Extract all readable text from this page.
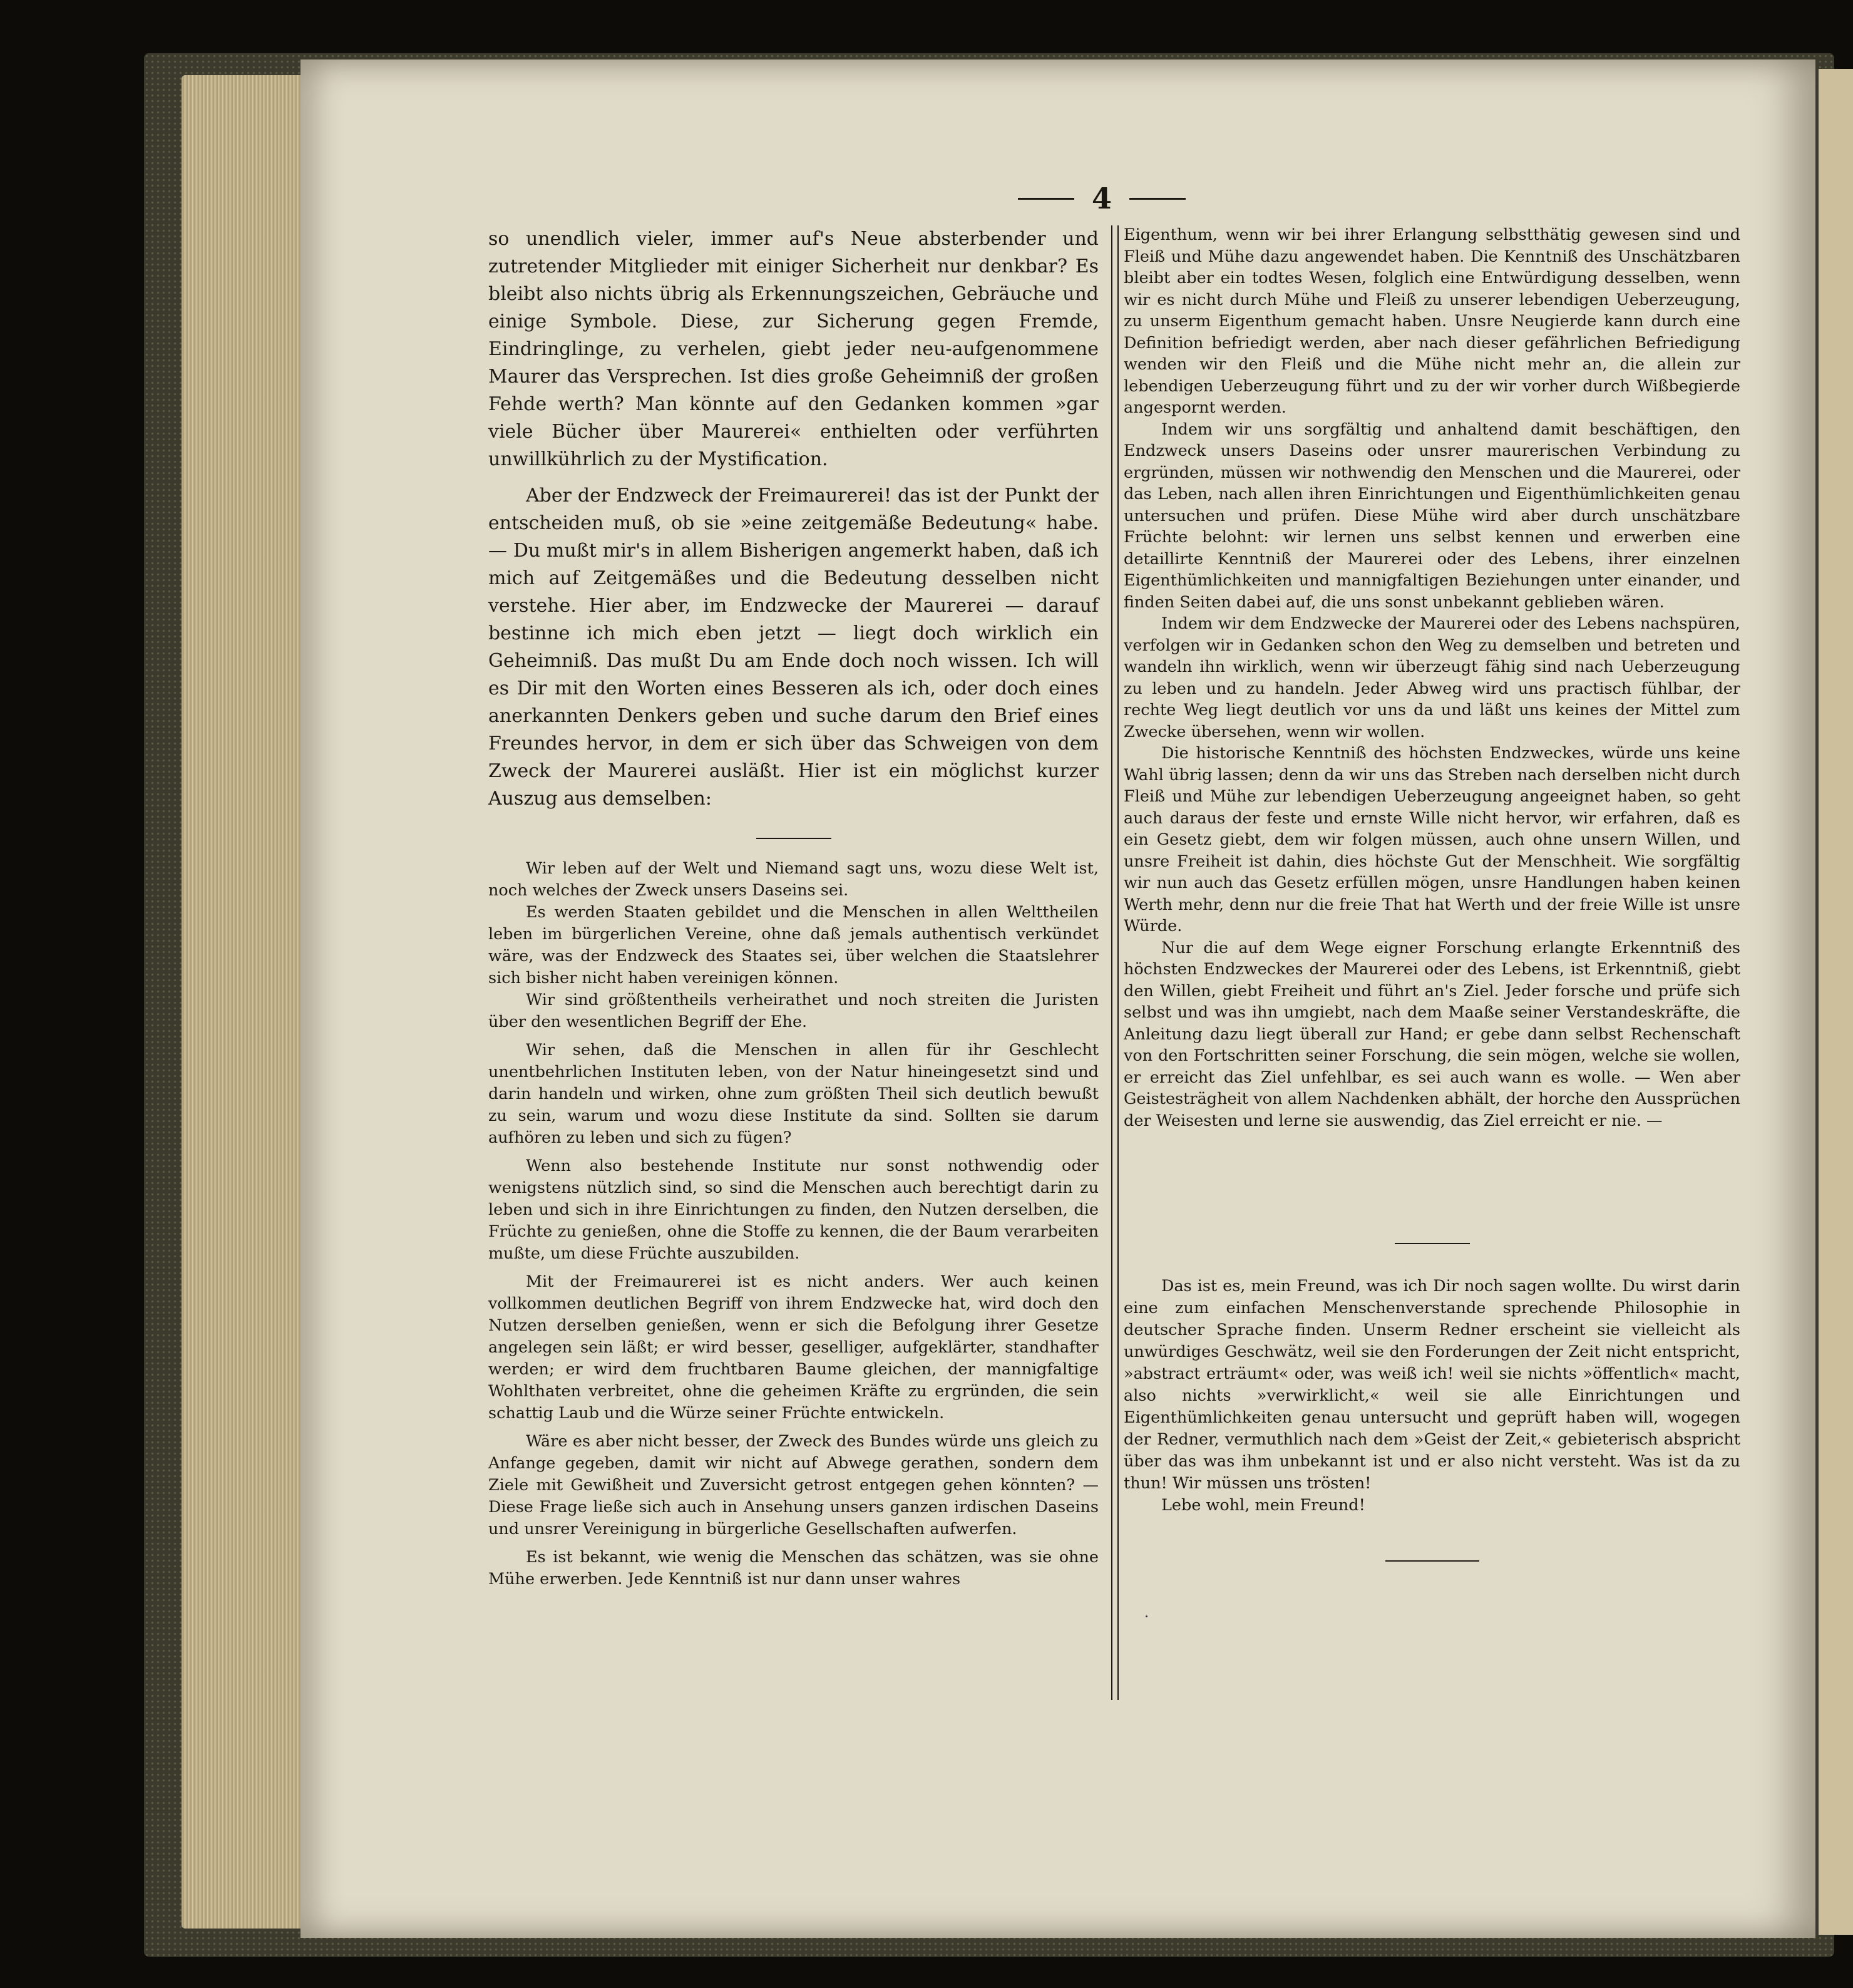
4

so unendlich vieler, immer auf's Neue absterbender und zutretender Mitglieder mit einiger Sicherheit nur denkbar? Es bleibt also nichts übrig als Erkennungszeichen, Gebräuche und einige Symbole. Diese, zur Sicherung gegen Fremde, Eindringlinge, zu verhelen, giebt jeder neu-aufgenommene Maurer das Versprechen. Ist dies große Geheimniß der großen Fehde werth? Man könnte auf den Gedanken kommen »gar viele Bücher über Maurerei« enthielten oder verführten unwillkührlich zu der Mystification.

Aber der Endzweck der Freimaurerei! das ist der Punkt der entscheiden muß, ob sie »eine zeitgemäße Bedeutung« habe. — Du mußt mir's in allem Bisherigen angemerkt haben, daß ich mich auf Zeitgemäßes und die Bedeutung desselben nicht verstehe. Hier aber, im Endzwecke der Maurerei — darauf bestinne ich mich eben jetzt — liegt doch wirklich ein Geheimniß. Das mußt Du am Ende doch noch wissen. Ich will es Dir mit den Worten eines Besseren als ich, oder doch eines anerkannten Denkers geben und suche darum den Brief eines Freundes hervor, in dem er sich über das Schweigen von dem Zweck der Maurerei ausläßt. Hier ist ein möglichst kurzer Auszug aus demselben:

Wir leben auf der Welt und Niemand sagt uns, wozu diese Welt ist, noch welches der Zweck unsers Daseins sei.

Es werden Staaten gebildet und die Menschen in allen Welttheilen leben im bürgerlichen Vereine, ohne daß jemals authentisch verkündet wäre, was der Endzweck des Staates sei, über welchen die Staatslehrer sich bisher nicht haben vereinigen können.

Wir sind größtentheils verheirathet und noch streiten die Juristen über den wesentlichen Begriff der Ehe.

Wir sehen, daß die Menschen in allen für ihr Geschlecht unentbehrlichen Instituten leben, von der Natur hineingesetzt sind und darin handeln und wirken, ohne zum größten Theil sich deutlich bewußt zu sein, warum und wozu diese Institute da sind. Sollten sie darum aufhören zu leben und sich zu fügen?

Wenn also bestehende Institute nur sonst nothwendig oder wenigstens nützlich sind, so sind die Menschen auch berechtigt darin zu leben und sich in ihre Einrichtungen zu finden, den Nutzen derselben, die Früchte zu genießen, ohne die Stoffe zu kennen, die der Baum verarbeiten mußte, um diese Früchte auszubilden.

Mit der Freimaurerei ist es nicht anders. Wer auch keinen vollkommen deutlichen Begriff von ihrem Endzwecke hat, wird doch den Nutzen derselben genießen, wenn er sich die Befolgung ihrer Gesetze angelegen sein läßt; er wird besser, geselliger, aufgeklärter, standhafter werden; er wird dem fruchtbaren Baume gleichen, der mannigfaltige Wohlthaten verbreitet, ohne die geheimen Kräfte zu ergründen, die sein schattig Laub und die Würze seiner Früchte entwickeln.

Wäre es aber nicht besser, der Zweck des Bundes würde uns gleich zu Anfange gegeben, damit wir nicht auf Abwege gerathen, sondern dem Ziele mit Gewißheit und Zuversicht getrost entgegen gehen könnten? — Diese Frage ließe sich auch in Ansehung unsers ganzen irdischen Daseins und unsrer Vereinigung in bürgerliche Gesellschaften aufwerfen.

Es ist bekannt, wie wenig die Menschen das schätzen, was sie ohne Mühe erwerben. Jede Kenntniß ist nur dann unser wahres

Eigenthum, wenn wir bei ihrer Erlangung selbstthätig gewesen sind und Fleiß und Mühe dazu angewendet haben. Die Kenntniß des Unschätzbaren bleibt aber ein todtes Wesen, folglich eine Entwürdigung desselben, wenn wir es nicht durch Mühe und Fleiß zu unserer lebendigen Ueberzeugung, zu unserm Eigenthum gemacht haben. Unsre Neugierde kann durch eine Definition befriedigt werden, aber nach dieser gefährlichen Befriedigung wenden wir den Fleiß und die Mühe nicht mehr an, die allein zur lebendigen Ueberzeugung führt und zu der wir vorher durch Wißbegierde angespornt werden.

Indem wir uns sorgfältig und anhaltend damit beschäftigen, den Endzweck unsers Daseins oder unsrer maurerischen Verbindung zu ergründen, müssen wir nothwendig den Menschen und die Maurerei, oder das Leben, nach allen ihren Einrichtungen und Eigenthümlichkeiten genau untersuchen und prüfen. Diese Mühe wird aber durch unschätzbare Früchte belohnt: wir lernen uns selbst kennen und erwerben eine detaillirte Kenntniß der Maurerei oder des Lebens, ihrer einzelnen Eigenthümlichkeiten und mannigfaltigen Beziehungen unter einander, und finden Seiten dabei auf, die uns sonst unbekannt geblieben wären.

Indem wir dem Endzwecke der Maurerei oder des Lebens nachspüren, verfolgen wir in Gedanken schon den Weg zu demselben und betreten und wandeln ihn wirklich, wenn wir überzeugt fähig sind nach Ueberzeugung zu leben und zu handeln. Jeder Abweg wird uns practisch fühlbar, der rechte Weg liegt deutlich vor uns da und läßt uns keines der Mittel zum Zwecke übersehen, wenn wir wollen.

Die historische Kenntniß des höchsten Endzweckes, würde uns keine Wahl übrig lassen; denn da wir uns das Streben nach derselben nicht durch Fleiß und Mühe zur lebendigen Ueberzeugung angeeignet haben, so geht auch daraus der feste und ernste Wille nicht hervor, wir erfahren, daß es ein Gesetz giebt, dem wir folgen müssen, auch ohne unsern Willen, und unsre Freiheit ist dahin, dies höchste Gut der Menschheit. Wie sorgfältig wir nun auch das Gesetz erfüllen mögen, unsre Handlungen haben keinen Werth mehr, denn nur die freie That hat Werth und der freie Wille ist unsre Würde.

Nur die auf dem Wege eigner Forschung erlangte Erkenntniß des höchsten Endzweckes der Maurerei oder des Lebens, ist Erkenntniß, giebt den Willen, giebt Freiheit und führt an's Ziel. Jeder forsche und prüfe sich selbst und was ihn umgiebt, nach dem Maaße seiner Verstandeskräfte, die Anleitung dazu liegt überall zur Hand; er gebe dann selbst Rechenschaft von den Fortschritten seiner Forschung, die sein mögen, welche sie wollen, er erreicht das Ziel unfehlbar, es sei auch wann es wolle. — Wen aber Geistesträgheit von allem Nachdenken abhält, der horche den Aussprüchen der Weisesten und lerne sie auswendig, das Ziel erreicht er nie. —

Das ist es, mein Freund, was ich Dir noch sagen wollte. Du wirst darin eine zum einfachen Menschenverstande sprechende Philosophie in deutscher Sprache finden. Unserm Redner erscheint sie vielleicht als unwürdiges Geschwätz, weil sie den Forderungen der Zeit nicht entspricht, »abstract erträumt« oder, was weiß ich! weil sie nichts »öffentlich« macht, also nichts »verwirklicht,« weil sie alle Einrichtungen und Eigenthümlichkeiten genau untersucht und geprüft haben will, wogegen der Redner, vermuthlich nach dem »Geist der Zeit,« gebieterisch abspricht über das was ihm unbekannt ist und er also nicht versteht. Was ist da zu thun! Wir müssen uns trösten!

Lebe wohl, mein Freund!
